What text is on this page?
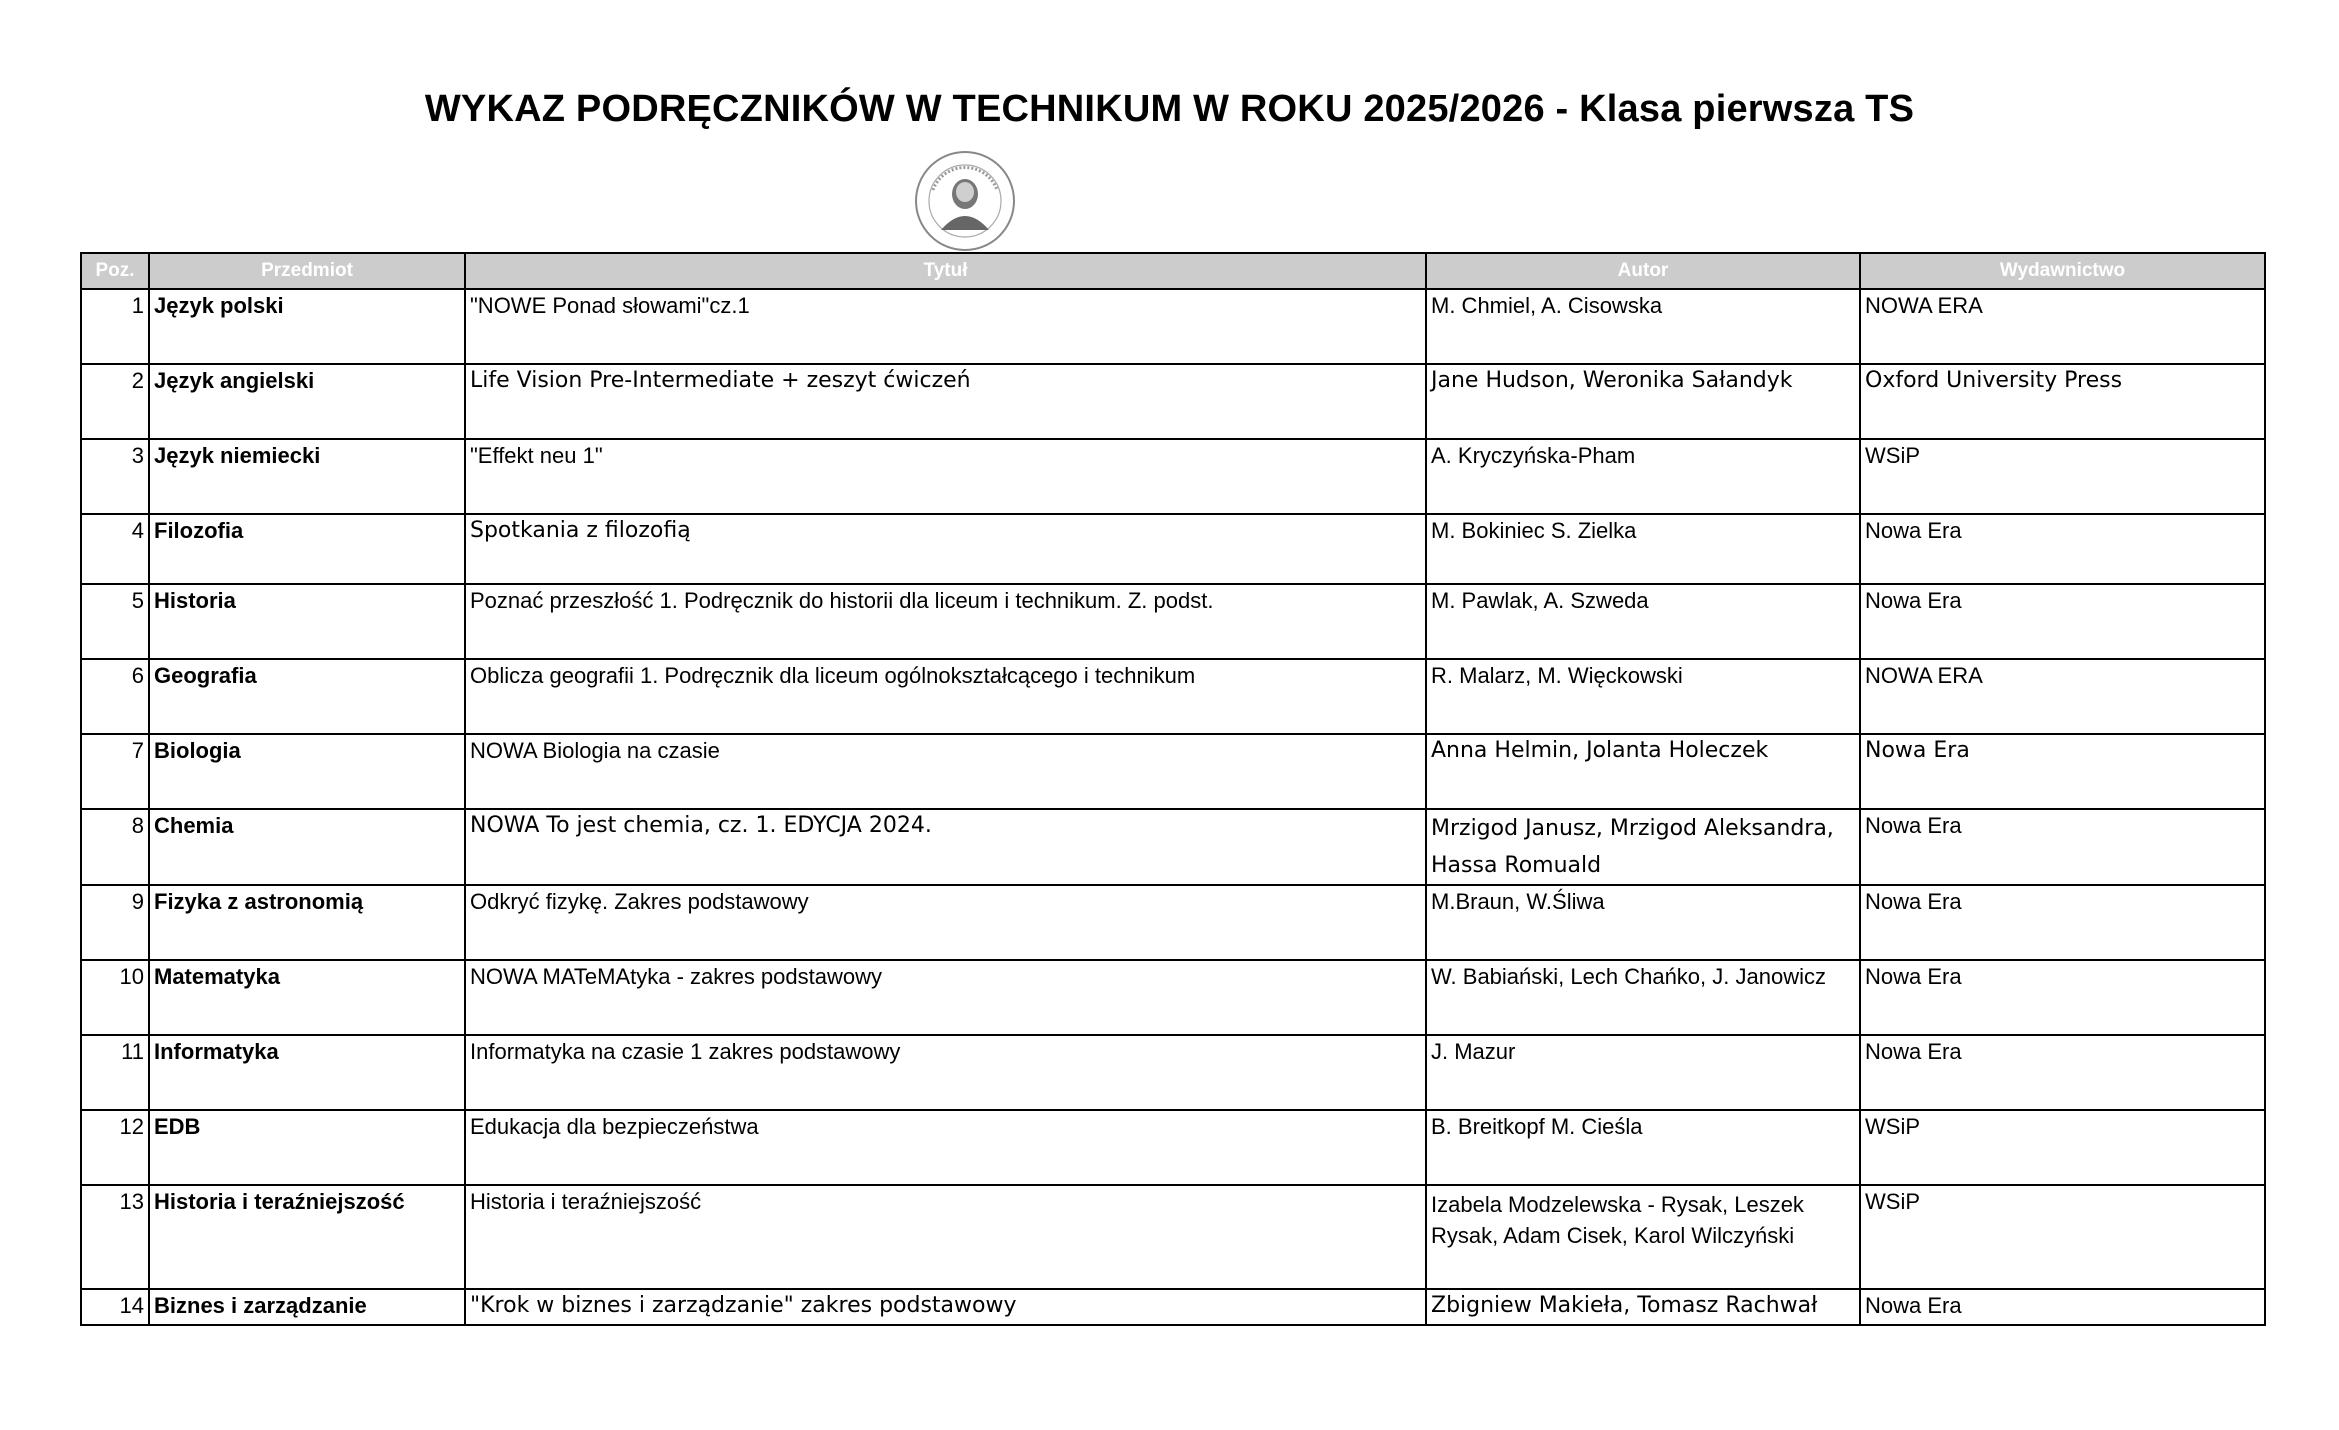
WYKAZ PODRĘCZNIKÓW W TECHNIKUM W ROKU 2025/2026 - Klasa pierwsza TS
Poz.	Przedmiot	Tytuł	Autor	Wydawnictwo
1	Język polski	"NOWE Ponad słowami"cz.1	M. Chmiel, A. Cisowska	NOWA ERA
2	Język angielski	Life Vision Pre-Intermediate + zeszyt ćwiczeń	Jane Hudson, Weronika Sałandyk	Oxford University Press
3	Język niemiecki	"Effekt neu 1"	A. Kryczyńska-Pham	WSiP
4	Filozofia	Spotkania z filozofią	M. Bokiniec S. Zielka	Nowa Era
5	Historia	Poznać przeszłość 1. Podręcznik do historii dla liceum i technikum. Z. podst.	M. Pawlak, A. Szweda	Nowa Era
6	Geografia	Oblicza geografii 1. Podręcznik dla liceum ogólnokształcącego i technikum	R. Malarz, M. Więckowski	NOWA ERA
7	Biologia	NOWA Biologia na czasie	Anna Helmin, Jolanta Holeczek	Nowa Era
8	Chemia	NOWA To jest chemia, cz. 1. EDYCJA 2024.	Mrzigod Janusz, Mrzigod Aleksandra, Hassa Romuald	Nowa Era
9	Fizyka z astronomią	Odkryć fizykę. Zakres podstawowy	M.Braun, W.Śliwa	Nowa Era
10	Matematyka	NOWA MATeMAtyka - zakres podstawowy	W. Babiański, Lech Chańko, J. Janowicz	Nowa Era
11	Informatyka	Informatyka na czasie 1 zakres podstawowy	J. Mazur	Nowa Era
12	EDB	Edukacja dla bezpieczeństwa	B. Breitkopf M. Cieśla	WSiP
13	Historia i teraźniejszość	Historia i teraźniejszość	Izabela Modzelewska - Rysak, Leszek Rysak, Adam Cisek, Karol Wilczyński	WSiP
14	Biznes i zarządzanie	"Krok w biznes i zarządzanie" zakres podstawowy	Zbigniew Makieła, Tomasz Rachwał	Nowa Era
